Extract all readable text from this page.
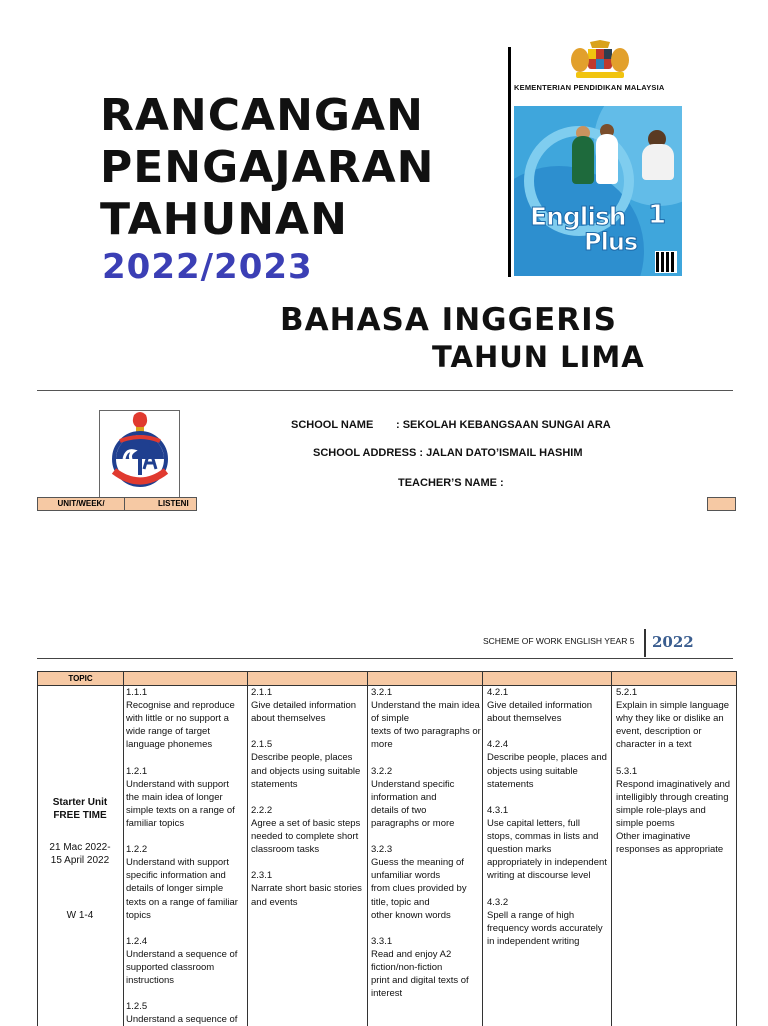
RANCANGAN
PENGAJARAN
TAHUNAN
2022/2023
BAHASA INGGERIS
TAHUN LIMA
KEMENTERIAN PENDIDIKAN MALAYSIA
English 1
Plus
SCHOOL NAME : SEKOLAH KEBANGSAAN SUNGAI ARA
SCHOOL ADDRESS : JALAN DATO’ISMAIL HASHIM
TEACHER’S NAME :
UNIT/WEEK/	LISTENI
SCHEME OF WORK ENGLISH YEAR 5 2022
TOPIC
Starter Unit
FREE TIME
21 Mac 2022-
15 April 2022
W 1-4

1.1.1
Recognise and reproduce with little or no support a wide range of target language phonemes

1.2.1
Understand with support the main idea of longer simple texts on a range of familiar topics

1.2.2
Understand with support specific information and details of longer simple texts on a range of familiar topics

1.2.4
Understand a sequence of supported classroom instructions

1.2.5
Understand a sequence of

2.1.1
Give detailed information about themselves

2.1.5
Describe people, places and objects using suitable statements

2.2.2
Agree a set of basic steps needed to complete short classroom tasks

2.3.1
Narrate short basic stories and events

3.2.1
Understand the main idea of simple
texts of two paragraphs or more

3.2.2
Understand specific information and
details of two
paragraphs or more

3.2.3
Guess the meaning of unfamiliar words
from clues provided by title, topic and
other known words

3.3.1
Read and enjoy A2 fiction/non-fiction
print and digital texts of interest

4.2.1
Give detailed information about themselves

4.2.4
Describe people, places and objects using suitable statements

4.3.1
Use capital letters, full stops, commas in lists and question marks appropriately in independent writing at discourse level

4.3.2
Spell a range of high frequency words accurately in independent writing

5.2.1
Explain in simple language why they like or dislike an event, description or character in a text

5.3.1
Respond imaginatively and intelligibly through creating simple role-plays and simple poems
Other imaginative responses as appropriate
